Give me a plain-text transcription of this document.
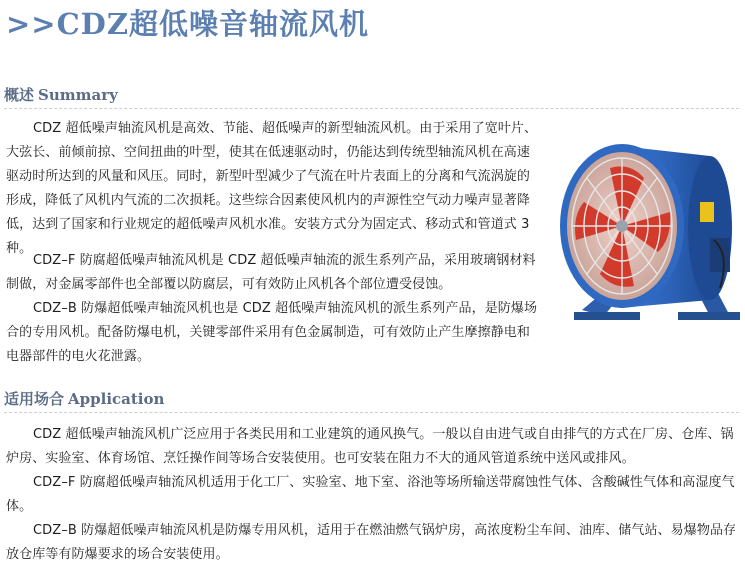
>>CDZ超低噪音轴流风机
概述 Summary

CDZ 超低噪声轴流风机是高效、节能、超低噪声的新型轴流风机。由于采用了宽叶片、大弦长、前倾前掠、空间扭曲的叶型，使其在低速驱动时，仍能达到传统型轴流风机在高速驱动时所达到的风量和风压。同时，新型叶型减少了气流在叶片表面上的分离和气流涡旋的形成，降低了风机内气流的二次损耗。这些综合因素使风机内的声源性空气动力噪声显著降低，达到了国家和行业规定的超低噪声风机水准。安装方式分为固定式、移动式和管道式 3 种。

CDZ–F 防腐超低噪声轴流风机是 CDZ 超低噪声轴流的派生系列产品，采用玻璃钢材料制做，对金属零部件也全部覆以防腐层，可有效防止风机各个部位遭受侵蚀。

CDZ–B 防爆超低噪声轴流风机也是 CDZ 超低噪声轴流风机的派生系列产品，是防爆场合的专用风机。配备防爆电机，关键零部件采用有色金属制造，可有效防止产生摩擦静电和电器部件的电火花泄露。

适用场合 Application

CDZ 超低噪声轴流风机广泛应用于各类民用和工业建筑的通风换气。一般以自由进气或自由排气的方式在厂房、仓库、锅炉房、实验室、体育场馆、烹饪操作间等场合安装使用。也可安装在阻力不大的通风管道系统中送风或排风。

CDZ–F 防腐超低噪声轴流风机适用于化工厂、实验室、地下室、浴池等场所输送带腐蚀性气体、含酸碱性气体和高湿度气体。

CDZ–B 防爆超低噪声轴流风机是防爆专用风机，适用于在燃油燃气锅炉房，高浓度粉尘车间、油库、储气站、易爆物品存放仓库等有防爆要求的场合安装使用。
